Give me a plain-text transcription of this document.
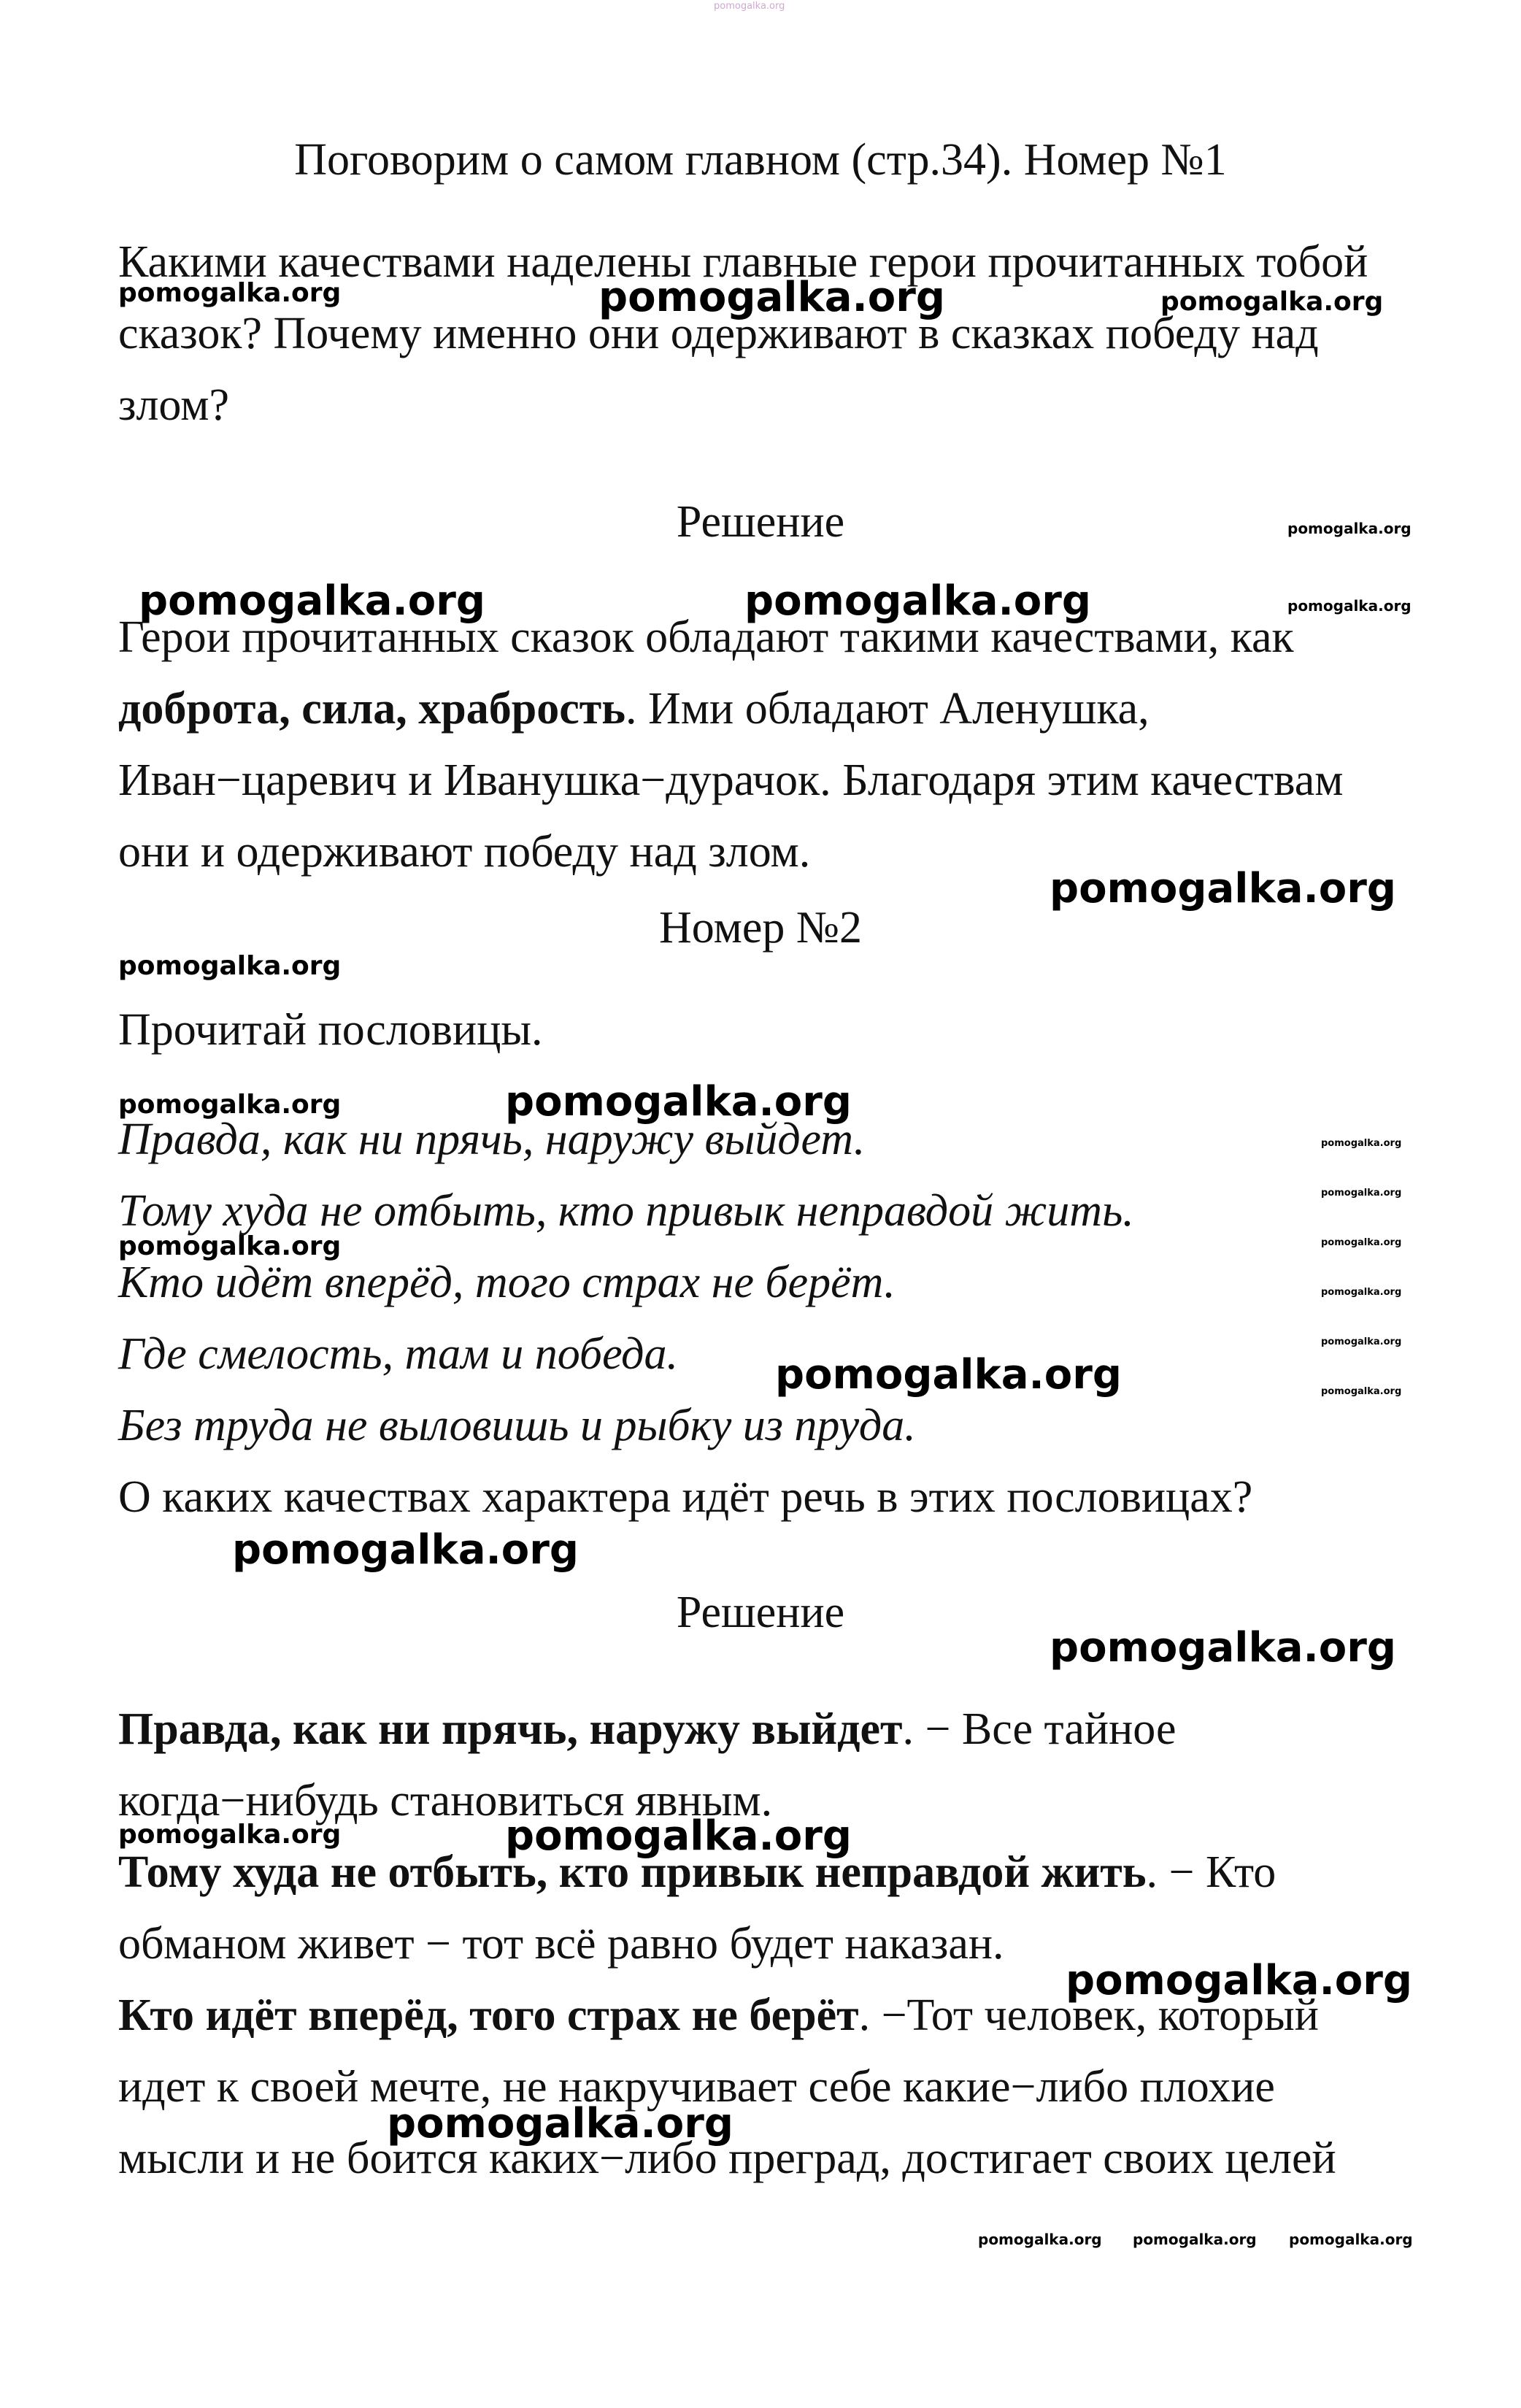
pomogalka.org
Поговорим о самом главном (стр.34). Номер №1

Какими качествами наделены главные герои прочитанных тобой сказок? Почему именно они одерживают в сказках победу над злом?

Решение

Герои прочитанных сказок обладают такими качествами, как доброта, сила, храбрость. Ими обладают Аленушка, Иван−царевич и Иванушка−дурачок. Благодаря этим качествам они и одерживают победу над злом.

Номер №2
Прочитай пословицы.
Правда, как ни прячь, наружу выйдет.
Тому худа не отбыть, кто привык неправдой жить.
Кто идёт вперёд, того страх не берёт.
Где смелость, там и победа.
Без труда не выловишь и рыбку из пруда.
О каких качествах характера идёт речь в этих пословицах?
Решение

Правда, как ни прячь, наружу выйдет. − Все тайное когда−нибудь становиться явным.

Тому худа не отбыть, кто привык неправдой жить. − Кто обманом живет − тот всё равно будет наказан.

Кто идёт вперёд, того страх не берёт. −Тот человек, который идет к своей мечте, не накручивает себе какие−либо плохие мысли и не боится каких−либо преград, достигает своих целей

pomogalka.org	pomogalka.org	pomogalka.org
pomogalka.org
pomogalka.org	pomogalka.org	pomogalka.org
pomogalka.org
pomogalka.org
pomogalka.org	pomogalka.org
pomogalka.org
pomogalka.org
pomogalka.org	pomogalka.org
pomogalka.org
pomogalka.org
pomogalka.org	pomogalka.org
pomogalka.org
pomogalka.org
pomogalka.org	pomogalka.org
pomogalka.org
pomogalka.org
pomogalka.org pomogalka.org pomogalka.org
